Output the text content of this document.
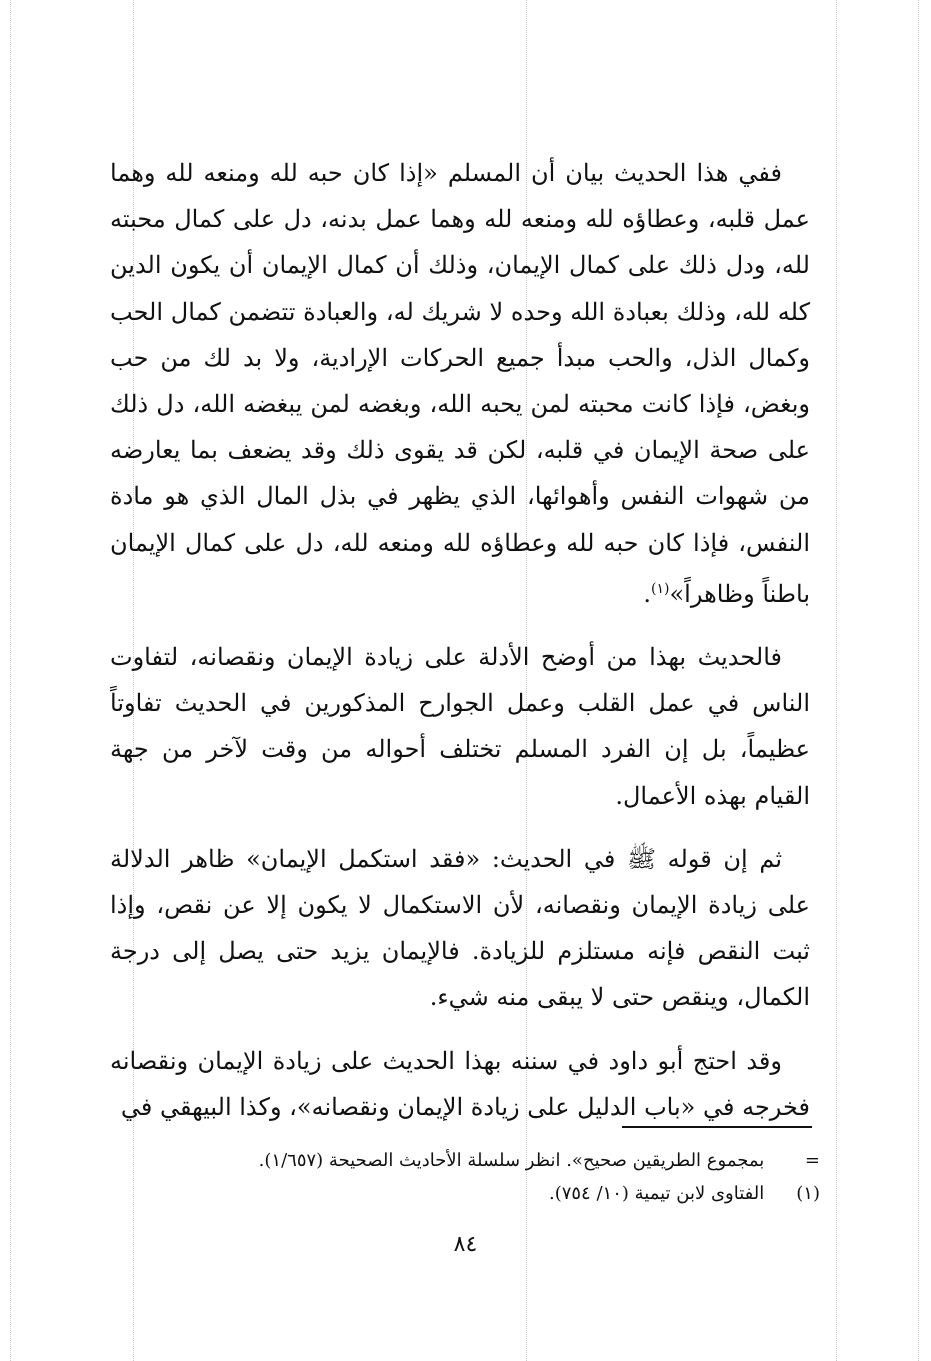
ففي هذا الحديث بيان أن المسلم «إذا كان حبه لله ومنعه لله وهما عمل قلبه، وعطاؤه لله ومنعه لله وهما عمل بدنه، دل على كمال محبته لله، ودل ذلك على كمال الإيمان، وذلك أن كمال الإيمان أن يكون الدين كله لله، وذلك بعبادة الله وحده لا شريك له، والعبادة تتضمن كمال الحب وكمال الذل، والحب مبدأ جميع الحركات الإرادية، ولا بد لك من حب وبغض، فإذا كانت محبته لمن يحبه الله، وبغضه لمن يبغضه الله، دل ذلك على صحة الإيمان في قلبه، لكن قد يقوى ذلك وقد يضعف بما يعارضه من شهوات النفس وأهوائها، الذي يظهر في بذل المال الذي هو مادة النفس، فإذا كان حبه لله وعطاؤه لله ومنعه لله، دل على كمال الإيمان باطناً وظاهراً»$^{(١)}$.

فالحديث بهذا من أوضح الأدلة على زيادة الإيمان ونقصانه، لتفاوت الناس في عمل القلب وعمل الجوارح المذكورين في الحديث تفاوتاً عظيماً، بل إن الفرد المسلم تختلف أحواله من وقت لآخر من جهة القيام بهذه الأعمال.

ثم إن قوله ﷺ في الحديث: «فقد استكمل الإيمان» ظاهر الدلالة على زيادة الإيمان ونقصانه، لأن الاستكمال لا يكون إلا عن نقص، وإذا ثبت النقص فإنه مستلزم للزيادة. فالإيمان يزيد حتى يصل إلى درجة الكمال، وينقص حتى لا يبقى منه شيء.

وقد احتج أبو داود في سننه بهذا الحديث على زيادة الإيمان ونقصانه فخرجه في «باب الدليل على زيادة الإيمان ونقصانه»، وكذا البيهقي في

= بمجموع الطريقين صحيح». انظر سلسلة الأحاديث الصحيحة (١/٦٥٧).
(١) الفتاوى لابن تيمية (١٠/ ٧٥٤).
٨٤
